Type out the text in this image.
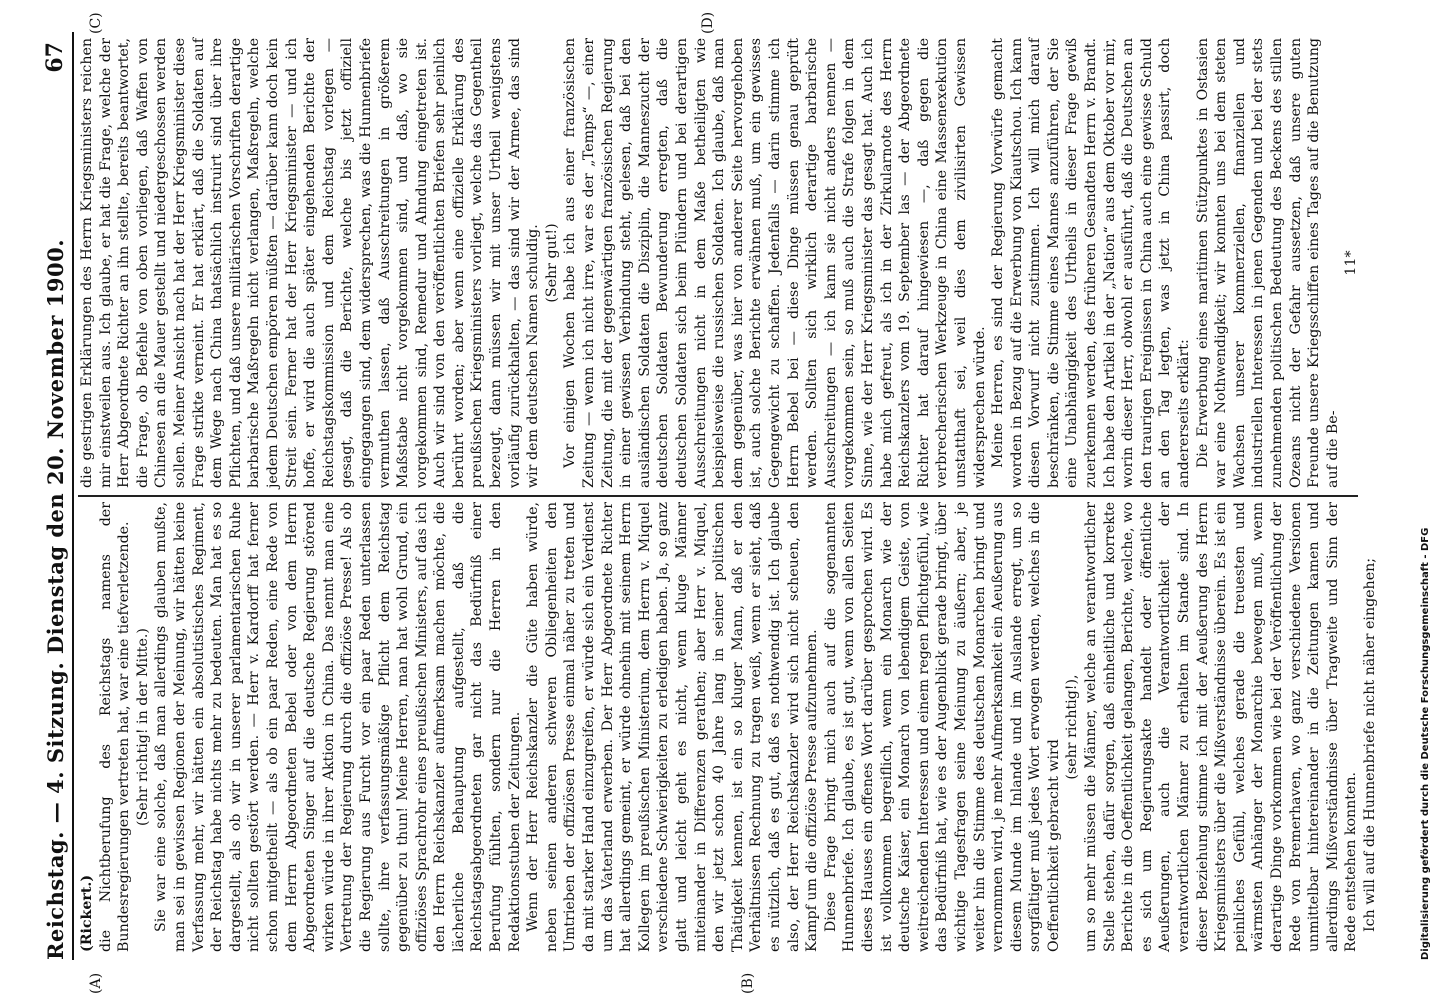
Reichstag. — 4. Sitzung. Dienstag den 20. November 1900.
67
(A)	(B)
(C)	(D)

(Rickert.) die Nichtberufung des Reichstags namens der Bundesregierungen vertreten hat, war eine tiefverletzende. (Sehr richtig! in der Mitte.) Sie war eine solche, daß man allerdings glauben mußte, man sei in gewissen Regionen der Meinung, wir hätten keine Verfassung mehr, wir hätten ein absolutistisches Regiment, der Reichstag habe nichts mehr zu bedeuten. Man hat es so dargestellt, als ob wir in unserer parlamentarischen Ruhe nicht sollten gestört werden. — Herr v. Kardorff hat ferner schon mitgetheilt — als ob ein paar Reden, eine Rede von dem Herrn Abgeordneten Bebel oder von dem Herrn Abgeordneten Singer auf die deutsche Regierung störend wirken würde in ihrer Aktion in China. Das nennt man eine Vertretung der Regierung durch die offiziöse Presse! Als ob die Regierung aus Furcht vor ein paar Reden unterlassen sollte, ihre verfassungsmäßige Pflicht dem Reichstag gegenüber zu thun! Meine Herren, man hat wohl Grund, ein offiziöses Sprachrohr eines preußischen Ministers, auf das ich den Herrn Reichskanzler aufmerksam machen möchte, die lächerliche Behauptung aufgestellt, daß die Reichstagsabgeordneten gar nicht das Bedürfniß einer Berufung fühlten, sondern nur die Herren in den Redaktionsstuben der Zeitungen. Wenn der Herr Reichskanzler die Güte haben würde, neben seinen anderen schweren Obliegenheiten den Umtrieben der offiziösen Presse einmal näher zu treten und da mit starker Hand einzugreifen, er würde sich ein Verdienst um das Vaterland erwerben. Der Herr Abgeordnete Richter hat allerdings gemeint, er würde ohnehin mit seinem Herrn Kollegen im preußischen Ministerium, dem Herrn v. Miquel verschiedene Schwierigkeiten zu erledigen haben. Ja, so ganz glatt und leicht geht es nicht, wenn kluge Männer miteinander in Differenzen gerathen; aber Herr v. Miquel, den wir jetzt schon 40 Jahre lang in seiner politischen Thätigkeit kennen, ist ein so kluger Mann, daß er den Verhältnissen Rechnung zu tragen weiß, wenn er sieht, daß es nützlich, daß es gut, daß es nothwendig ist. Ich glaube also, der Herr Reichskanzler wird sich nicht scheuen, den Kampf um die offiziöse Presse aufzunehmen. Diese Frage bringt mich auch auf die sogenannten Hunnenbriefe. Ich glaube, es ist gut, wenn von allen Seiten dieses Hauses ein offenes Wort darüber gesprochen wird. Es ist vollkommen begreiflich, wenn ein Monarch wie der deutsche Kaiser, ein Monarch von lebendigem Geiste, von weitreichenden Interessen und einem regen Pflichtgefühl, wie das Bedürfniß hat, wie es der Augenblick gerade bringt, über wichtige Tagesfragen seine Meinung zu äußern; aber, je weiter hin die Stimme des deutschen Monarchen bringt und vernommen wird, je mehr Aufmerksamkeit ein Aeußerung aus diesem Munde im Inlande und im Auslande erregt, um so sorgfältiger muß jedes Wort erwogen werden, welches in die Oeffentlichkeit gebracht wird

(sehr richtig!), um so mehr müssen die Männer, welche an verantwortlicher Stelle stehen, dafür sorgen, daß einheitliche und korrekte Berichte in die Oeffentlichkeit gelangen, Berichte, welche, wo es sich um Regierungsakte handelt oder öffentliche Aeußerungen, auch die Verantwortlichkeit der verantwortlichen Männer zu erhalten im Stande sind. In dieser Beziehung stimme ich mit der Aeußerung des Herrn Kriegsministers über die Mißverständnisse überein. Es ist ein peinliches Gefühl, welches gerade die treuesten und wärmsten Anhänger der Monarchie bewegen muß, wenn derartige Dinge vorkommen wie bei der Veröffentlichung der Rede von Bremerhaven, wo ganz verschiedene Versionen unmittelbar hintereinander in die Zeitungen kamen und allerdings Mißverständnisse über Tragweite und Sinn der Rede entstehen konnten. Ich will auf die Hunnenbriefe nicht näher eingehen;

die gestrigen Erklärungen des Herrn Kriegsministers reichen mir einstweilen aus. Ich glaube, er hat die Frage, welche der Herr Abgeordnete Richter an ihn stellte, bereits beantwortet, die Frage, ob Befehle von oben vorliegen, daß Waffen von Chinesen an die Mauer gestellt und niedergeschossen werden sollen. Meiner Ansicht nach hat der Herr Kriegsminister diese Frage strikte verneint. Er hat erklärt, daß die Soldaten auf dem Wege nach China thatsächlich instruirt sind über ihre Pflichten, und daß unsere militärischen Vorschriften derartige barbarische Maßregeln nicht verlangen, Maßregeln, welche jedem Deutschen empören müßten — darüber kann doch kein Streit sein. Ferner hat der Herr Kriegsminister — und ich hoffe, er wird die auch später eingehenden Berichte der Reichstagskommission und dem Reichstag vorlegen — gesagt, daß die Berichte, welche bis jetzt offiziell eingegangen sind, dem widersprechen, was die Hunnenbriefe vermuthen lassen, daß Ausschreitungen in größerem Maßstabe nicht vorgekommen sind, und daß, wo sie vorgekommen sind, Remedur und Ahndung eingetreten ist. Auch wir sind von den veröffentlichten Briefen sehr peinlich berührt worden; aber wenn eine offizielle Erklärung des preußischen Kriegsministers vorliegt, welche das Gegentheil bezeugt, dann müssen wir mit unser Urtheil wenigstens vorläufig zurückhalten, — das sind wir der Armee, das sind wir dem deutschen Namen schuldig. (Sehr gut!) Vor einigen Wochen habe ich aus einer französischen Zeitung — wenn ich nicht irre, war es der „Temps“ —, einer Zeitung, die mit der gegenwärtigen französischen Regierung in einer gewissen Verbindung steht, gelesen, daß bei den ausländischen Soldaten die Disziplin, die Manneszucht der deutschen Soldaten Bewunderung erregten, daß die deutschen Soldaten sich beim Plündern und bei derartigen Ausschreitungen nicht in dem Maße betheiligten wie beispielsweise die russischen Soldaten. Ich glaube, daß man dem gegenüber, was hier von anderer Seite hervorgehoben ist, auch solche Berichte erwähnen muß, um ein gewisses Gegengewicht zu schaffen. Jedenfalls — darin stimme ich Herrn Bebel bei — diese Dinge müssen genau geprüft werden. Sollten sich wirklich derartige barbarische Ausschreitungen — ich kann sie nicht anders nennen — vorgekommen sein, so muß auch die Strafe folgen in dem Sinne, wie der Herr Kriegsminister das gesagt hat. Auch ich habe mich gefreut, als ich in der Zirkularnote des Herrn Reichskanzlers vom 19. September las — der Abgeordnete Richter hat darauf hingewiesen —, daß gegen die verbrecherischen Werkzeuge in China eine Massenexekution unstatthaft sei, weil dies dem zivilisirten Gewissen widersprechen würde. Meine Herren, es sind der Regierung Vorwürfe gemacht worden in Bezug auf die Erwerbung von Kiautschou. Ich kann diesen Vorwurf nicht zustimmen. Ich will mich darauf beschränken, die Stimme eines Mannes anzuführen, der Sie eine Unabhängigkeit des Urtheils in dieser Frage gewiß zuerkennen werden, des früheren Gesandten Herrn v. Brandt. Ich habe den Artikel in der „Nation“ aus dem Oktober vor mir, worin dieser Herr, obwohl er ausführt, daß die Deutschen an den traurigen Ereignissen in China auch eine gewisse Schuld an den Tag legten, was jetzt in China passirt, doch andererseits erklärt: Die Erwerbung eines maritimen Stützpunktes in Ostasien war eine Nothwendigkeit; wir konnten uns bei dem steten Wachsen unserer kommerziellen, finanziellen und industriellen Interessen in jenen Gegenden und bei der stets zunehmenden politischen Bedeutung des Beckens des stillen Ozeans nicht der Gefahr aussetzen, daß unsere guten Freunde unsere Kriegsschiffen eines Tages auf die Benutzung auf die Be-

11*

Digitalisierung gefördert durch die Deutsche Forschungsgemeinschaft - DFG
